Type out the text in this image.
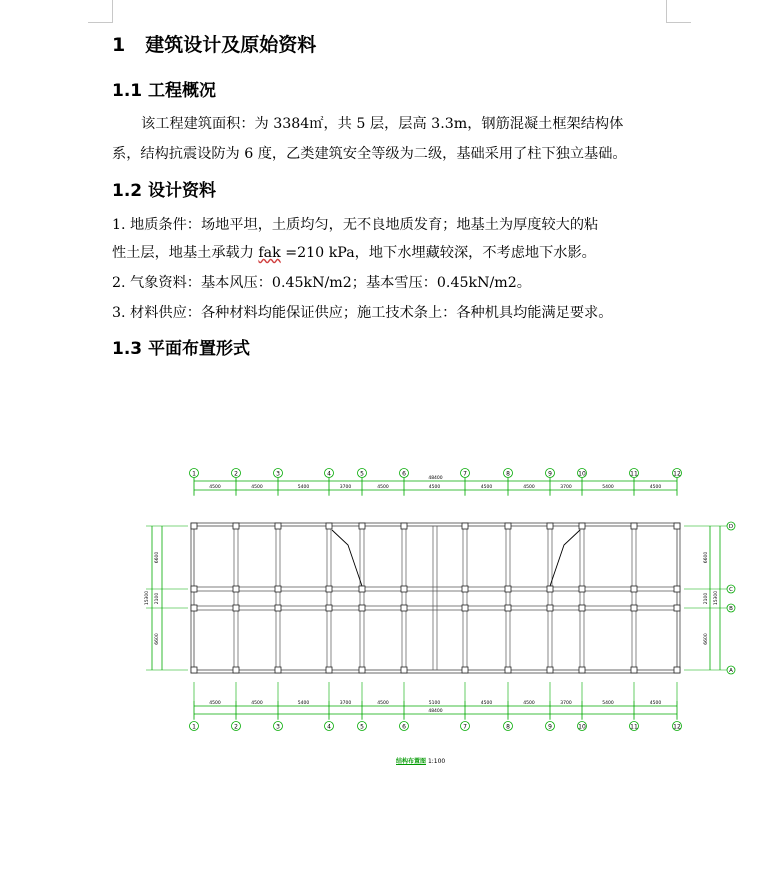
1 建筑设计及原始资料
1.1 工程概况
该工程建筑面积：为 3384㎡，共 5 层，层高 3.3m，钢筋混凝土框架结构体
系，结构抗震设防为 6 度，乙类建筑安全等级为二级，基础采用了柱下独立基础。
1.2 设计资料
1. 地质条件：场地平坦，土质均匀，无不良地质发育；地基土为厚度较大的粘
性土层，地基土承载力 fak =210 kPa，地下水埋藏较深，不考虑地下水影。
2. 气象资料：基本风压：0.45kN/m2；基本雪压：0.45kN/m2。
3. 材料供应：各种材料均能保证供应；施工技术条上：各种机具均能满足要求。
1.3 平面布置形式
4500	4500	5400	3700	4500	4500	4500	4500	3700	5400	4500
48400
4500	4500	5400	3700	4500	5100	4500	4500	3700	5400	4500
48400
1
1
2
2
3
3
4
4
5
5
6
6
7
7
8
8
9
9
10
10
11
11
12
12
6600
2100
6600
15300
6600
2100
6600
15300
D
C
B
A
结构布置图 1:100
